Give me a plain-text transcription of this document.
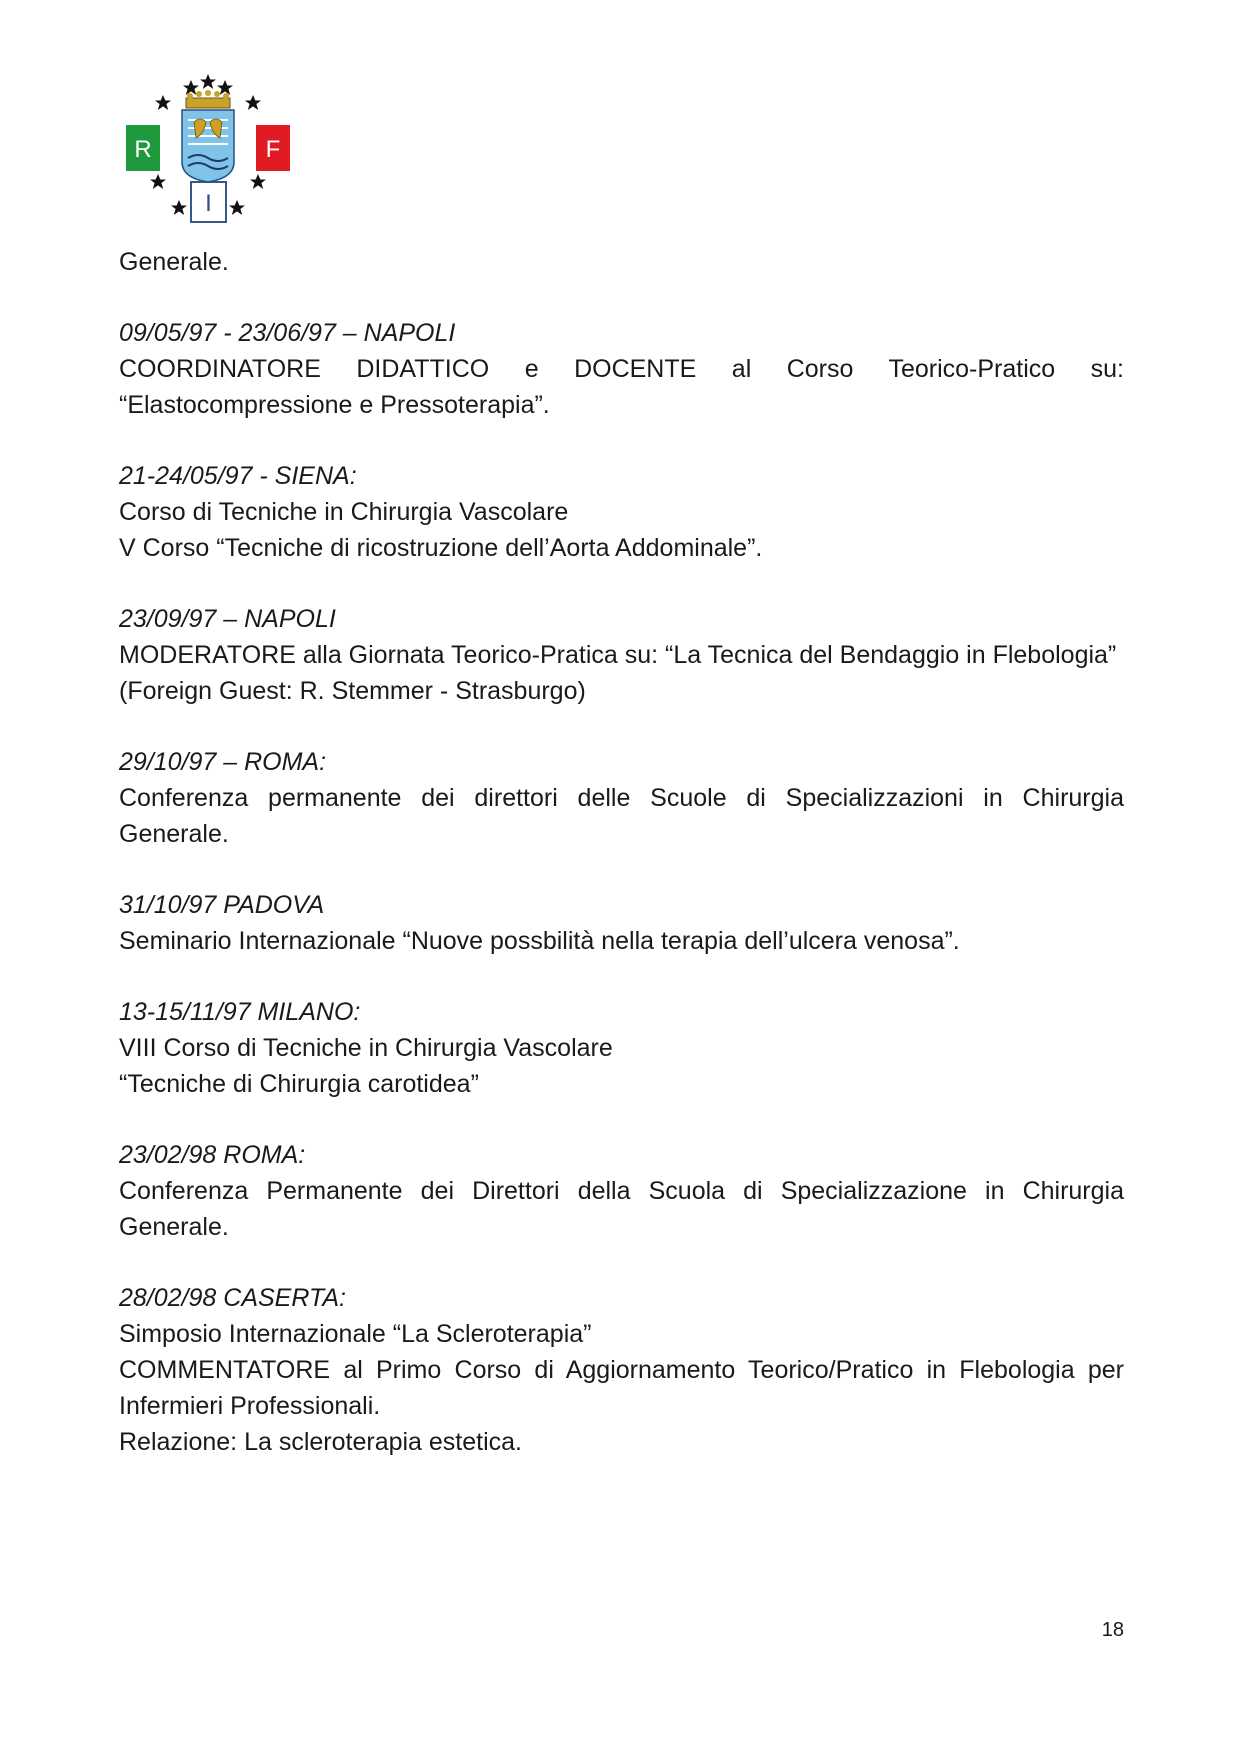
R	F
I

Generale.

09/05/97 - 23/06/97 – NAPOLI

COORDINATORE DIDATTICO e DOCENTE al Corso Teorico-Pratico su: “Elastocompressione e Pressoterapia”.

21-24/05/97 - SIENA:

Corso di Tecniche in Chirurgia Vascolare

V Corso “Tecniche di ricostruzione dell’Aorta Addominale”.

23/09/97 – NAPOLI

MODERATORE alla Giornata Teorico-Pratica su: “La Tecnica del Bendaggio in Flebologia”

(Foreign Guest: R. Stemmer - Strasburgo)

29/10/97 – ROMA:

Conferenza permanente dei direttori delle Scuole di Specializzazioni in Chirurgia Generale.

31/10/97 PADOVA

Seminario Internazionale “Nuove possbilità nella terapia dell’ulcera venosa”.

13-15/11/97 MILANO:

VIII Corso di Tecniche in Chirurgia Vascolare

“Tecniche di Chirurgia carotidea”

23/02/98 ROMA:

Conferenza Permanente dei Direttori della Scuola di Specializzazione in Chirurgia Generale.

28/02/98 CASERTA:

Simposio Internazionale “La Scleroterapia”

COMMENTATORE al Primo Corso di Aggiornamento Teorico/Pratico in Flebologia per Infermieri Professionali.

Relazione: La scleroterapia estetica.

18
